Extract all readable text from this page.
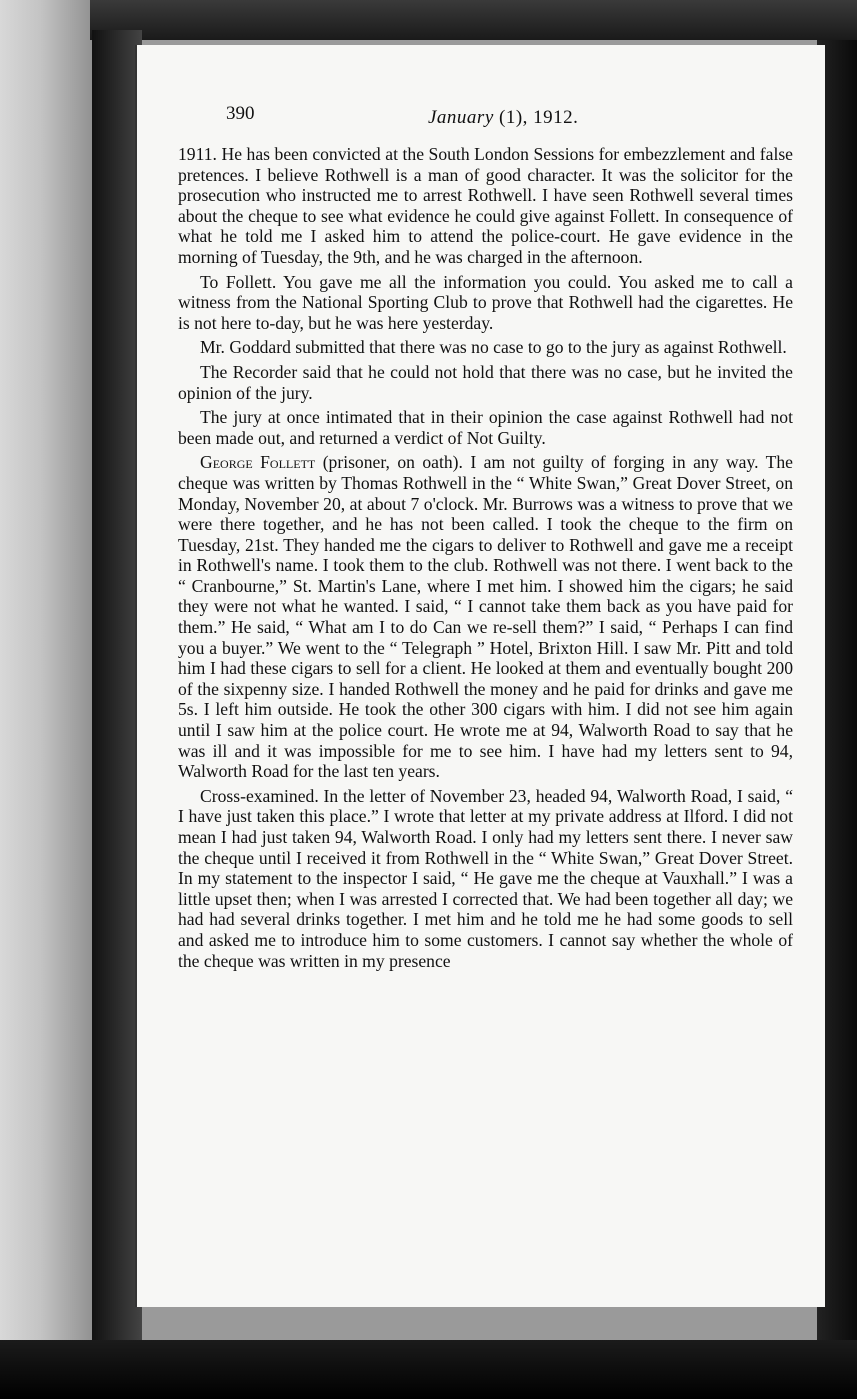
390	January (1), 1912.

1911. He has been convicted at the South London Sessions for embezzlement and false pretences. I believe Rothwell is a man of good character. It was the solicitor for the prosecution who instructed me to arrest Rothwell. I have seen Rothwell several times about the cheque to see what evidence he could give against Follett. In consequence of what he told me I asked him to attend the police-court. He gave evidence in the morning of Tuesday, the 9th, and he was charged in the afternoon.

To Follett. You gave me all the information you could. You asked me to call a witness from the National Sporting Club to prove that Rothwell had the cigarettes. He is not here to-day, but he was here yesterday.

Mr. Goddard submitted that there was no case to go to the jury as against Rothwell.

The Recorder said that he could not hold that there was no case, but he invited the opinion of the jury.

The jury at once intimated that in their opinion the case against Rothwell had not been made out, and returned a verdict of Not Guilty.

George Follett (prisoner, on oath). I am not guilty of forging in any way. The cheque was written by Thomas Rothwell in the “ White Swan,” Great Dover Street, on Monday, November 20, at about 7 o'clock. Mr. Burrows was a witness to prove that we were there together, and he has not been called. I took the cheque to the firm on Tuesday, 21st. They handed me the cigars to deliver to Rothwell and gave me a receipt in Rothwell's name. I took them to the club. Rothwell was not there. I went back to the “ Cranbourne,” St. Martin's Lane, where I met him. I showed him the cigars; he said they were not what he wanted. I said, “ I cannot take them back as you have paid for them.” He said, “ What am I to do Can we re-sell them?” I said, “ Perhaps I can find you a buyer.” We went to the “ Telegraph ” Hotel, Brixton Hill. I saw Mr. Pitt and told him I had these cigars to sell for a client. He looked at them and eventually bought 200 of the sixpenny size. I handed Rothwell the money and he paid for drinks and gave me 5s. I left him outside. He took the other 300 cigars with him. I did not see him again until I saw him at the police court. He wrote me at 94, Walworth Road to say that he was ill and it was impossible for me to see him. I have had my letters sent to 94, Walworth Road for the last ten years.

Cross-examined. In the letter of November 23, headed 94, Walworth Road, I said, “ I have just taken this place.” I wrote that letter at my private address at Ilford. I did not mean I had just taken 94, Walworth Road. I only had my letters sent there. I never saw the cheque until I received it from Rothwell in the “ White Swan,” Great Dover Street. In my statement to the inspector I said, “ He gave me the cheque at Vauxhall.” I was a little upset then; when I was arrested I corrected that. We had been together all day; we had had several drinks together. I met him and he told me he had some goods to sell and asked me to introduce him to some customers. I cannot say whether the whole of the cheque was written in my presence
